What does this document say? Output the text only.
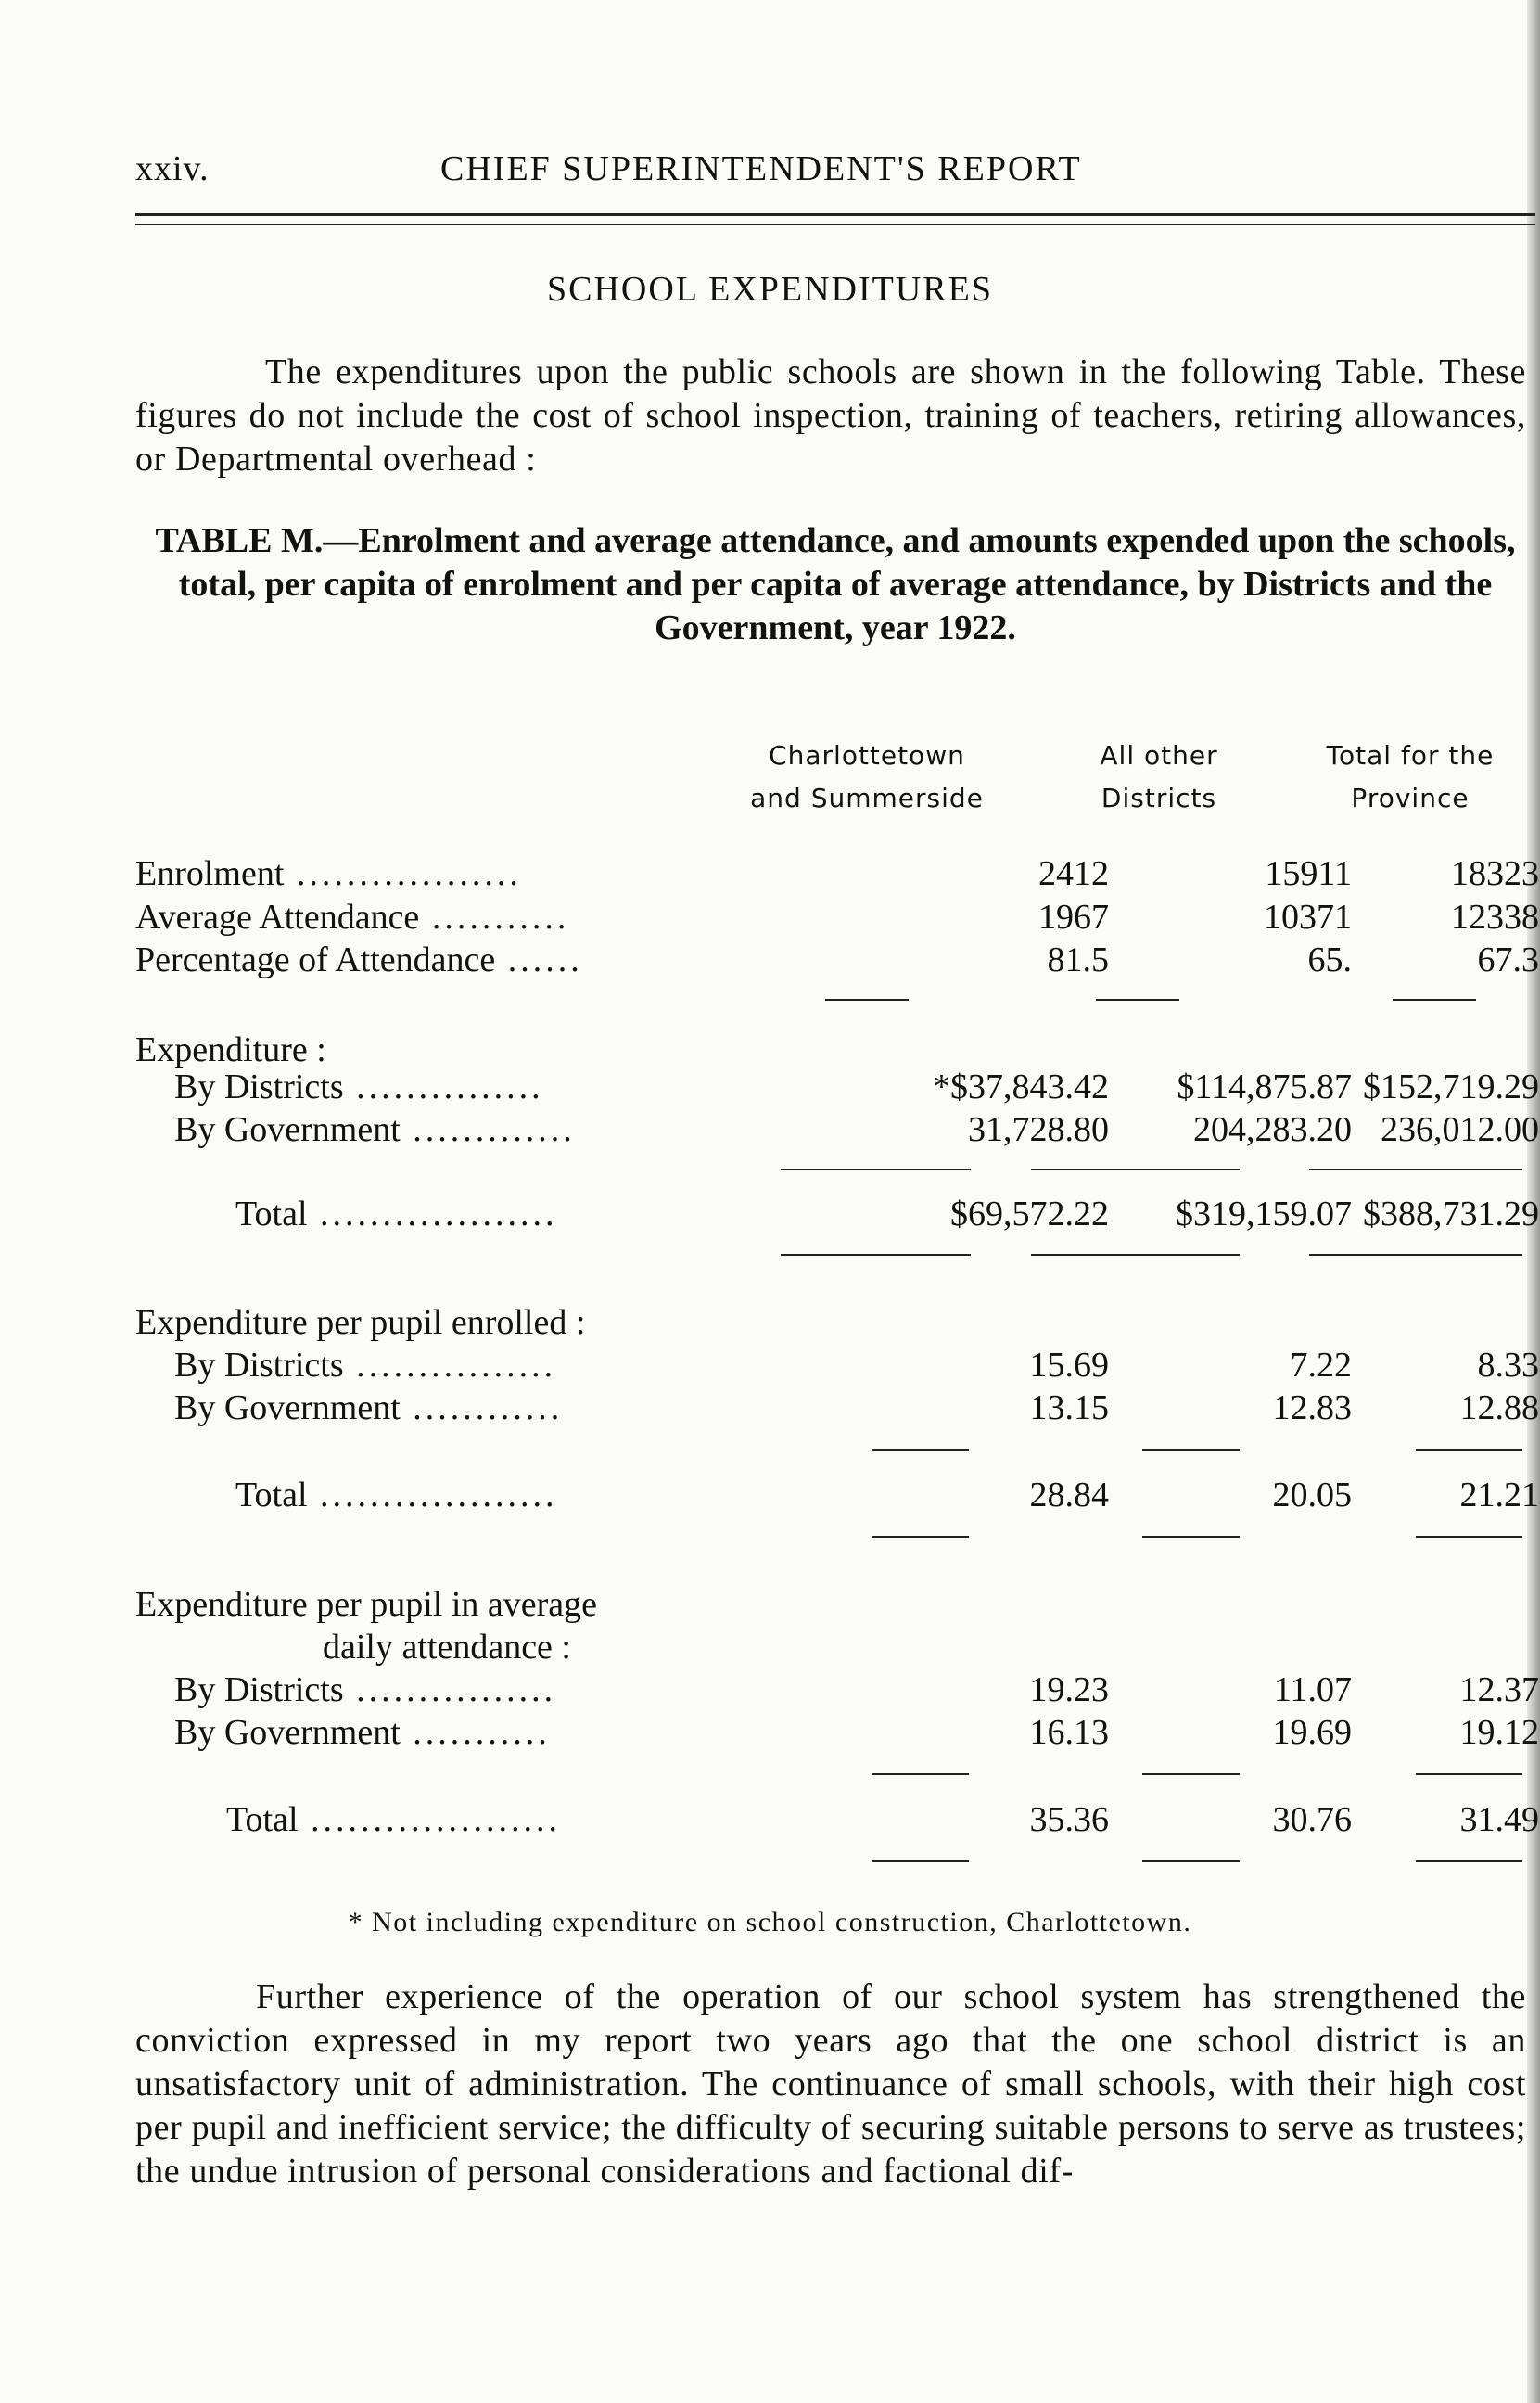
xxiv.	CHIEF SUPERINTENDENT'S REPORT
SCHOOL EXPENDITURES
The expenditures upon the public schools are shown in the following Table. These figures do not include the cost of school inspection, training of teachers, retiring allowances, or Departmental overhead :
TABLE M.—Enrolment and average attendance, and amounts expended upon the schools, total, per capita of enrolment and per capita of average attendance, by Districts and the Government, year 1922.
Charlottetown
and Summerside
All other
Districts
Total for the
Province
Enrolment ..................	2412	15911	18323
Average Attendance ...........	1967	10371	12338
Percentage of Attendance ......	81.5	65.	67.3
Expenditure :
By Districts ...............	*$37,843.42 $114,875.87 $152,719.29
By Government .............	31,728.80 204,283.20 236,012.00
Total ...................	$69,572.22 $319,159.07 $388,731.29
Expenditure per pupil enrolled :
By Districts ................	15.69	7.22	8.33
By Government ............	13.15	12.83	12.88
Total ...................	28.84	20.05	21.21
Expenditure per pupil in average
daily attendance :
By Districts ................	19.23	11.07	12.37
By Government ...........	16.13	19.69	19.12
Total ....................	35.36	30.76	31.49
* Not including expenditure on school construction, Charlottetown.
Further experience of the operation of our school system has strengthened the conviction expressed in my report two years ago that the one school district is an unsatisfactory unit of administration. The continuance of small schools, with their high cost per pupil and inefficient service; the difficulty of securing suitable persons to serve as trustees; the undue intrusion of personal considerations and factional dif-
